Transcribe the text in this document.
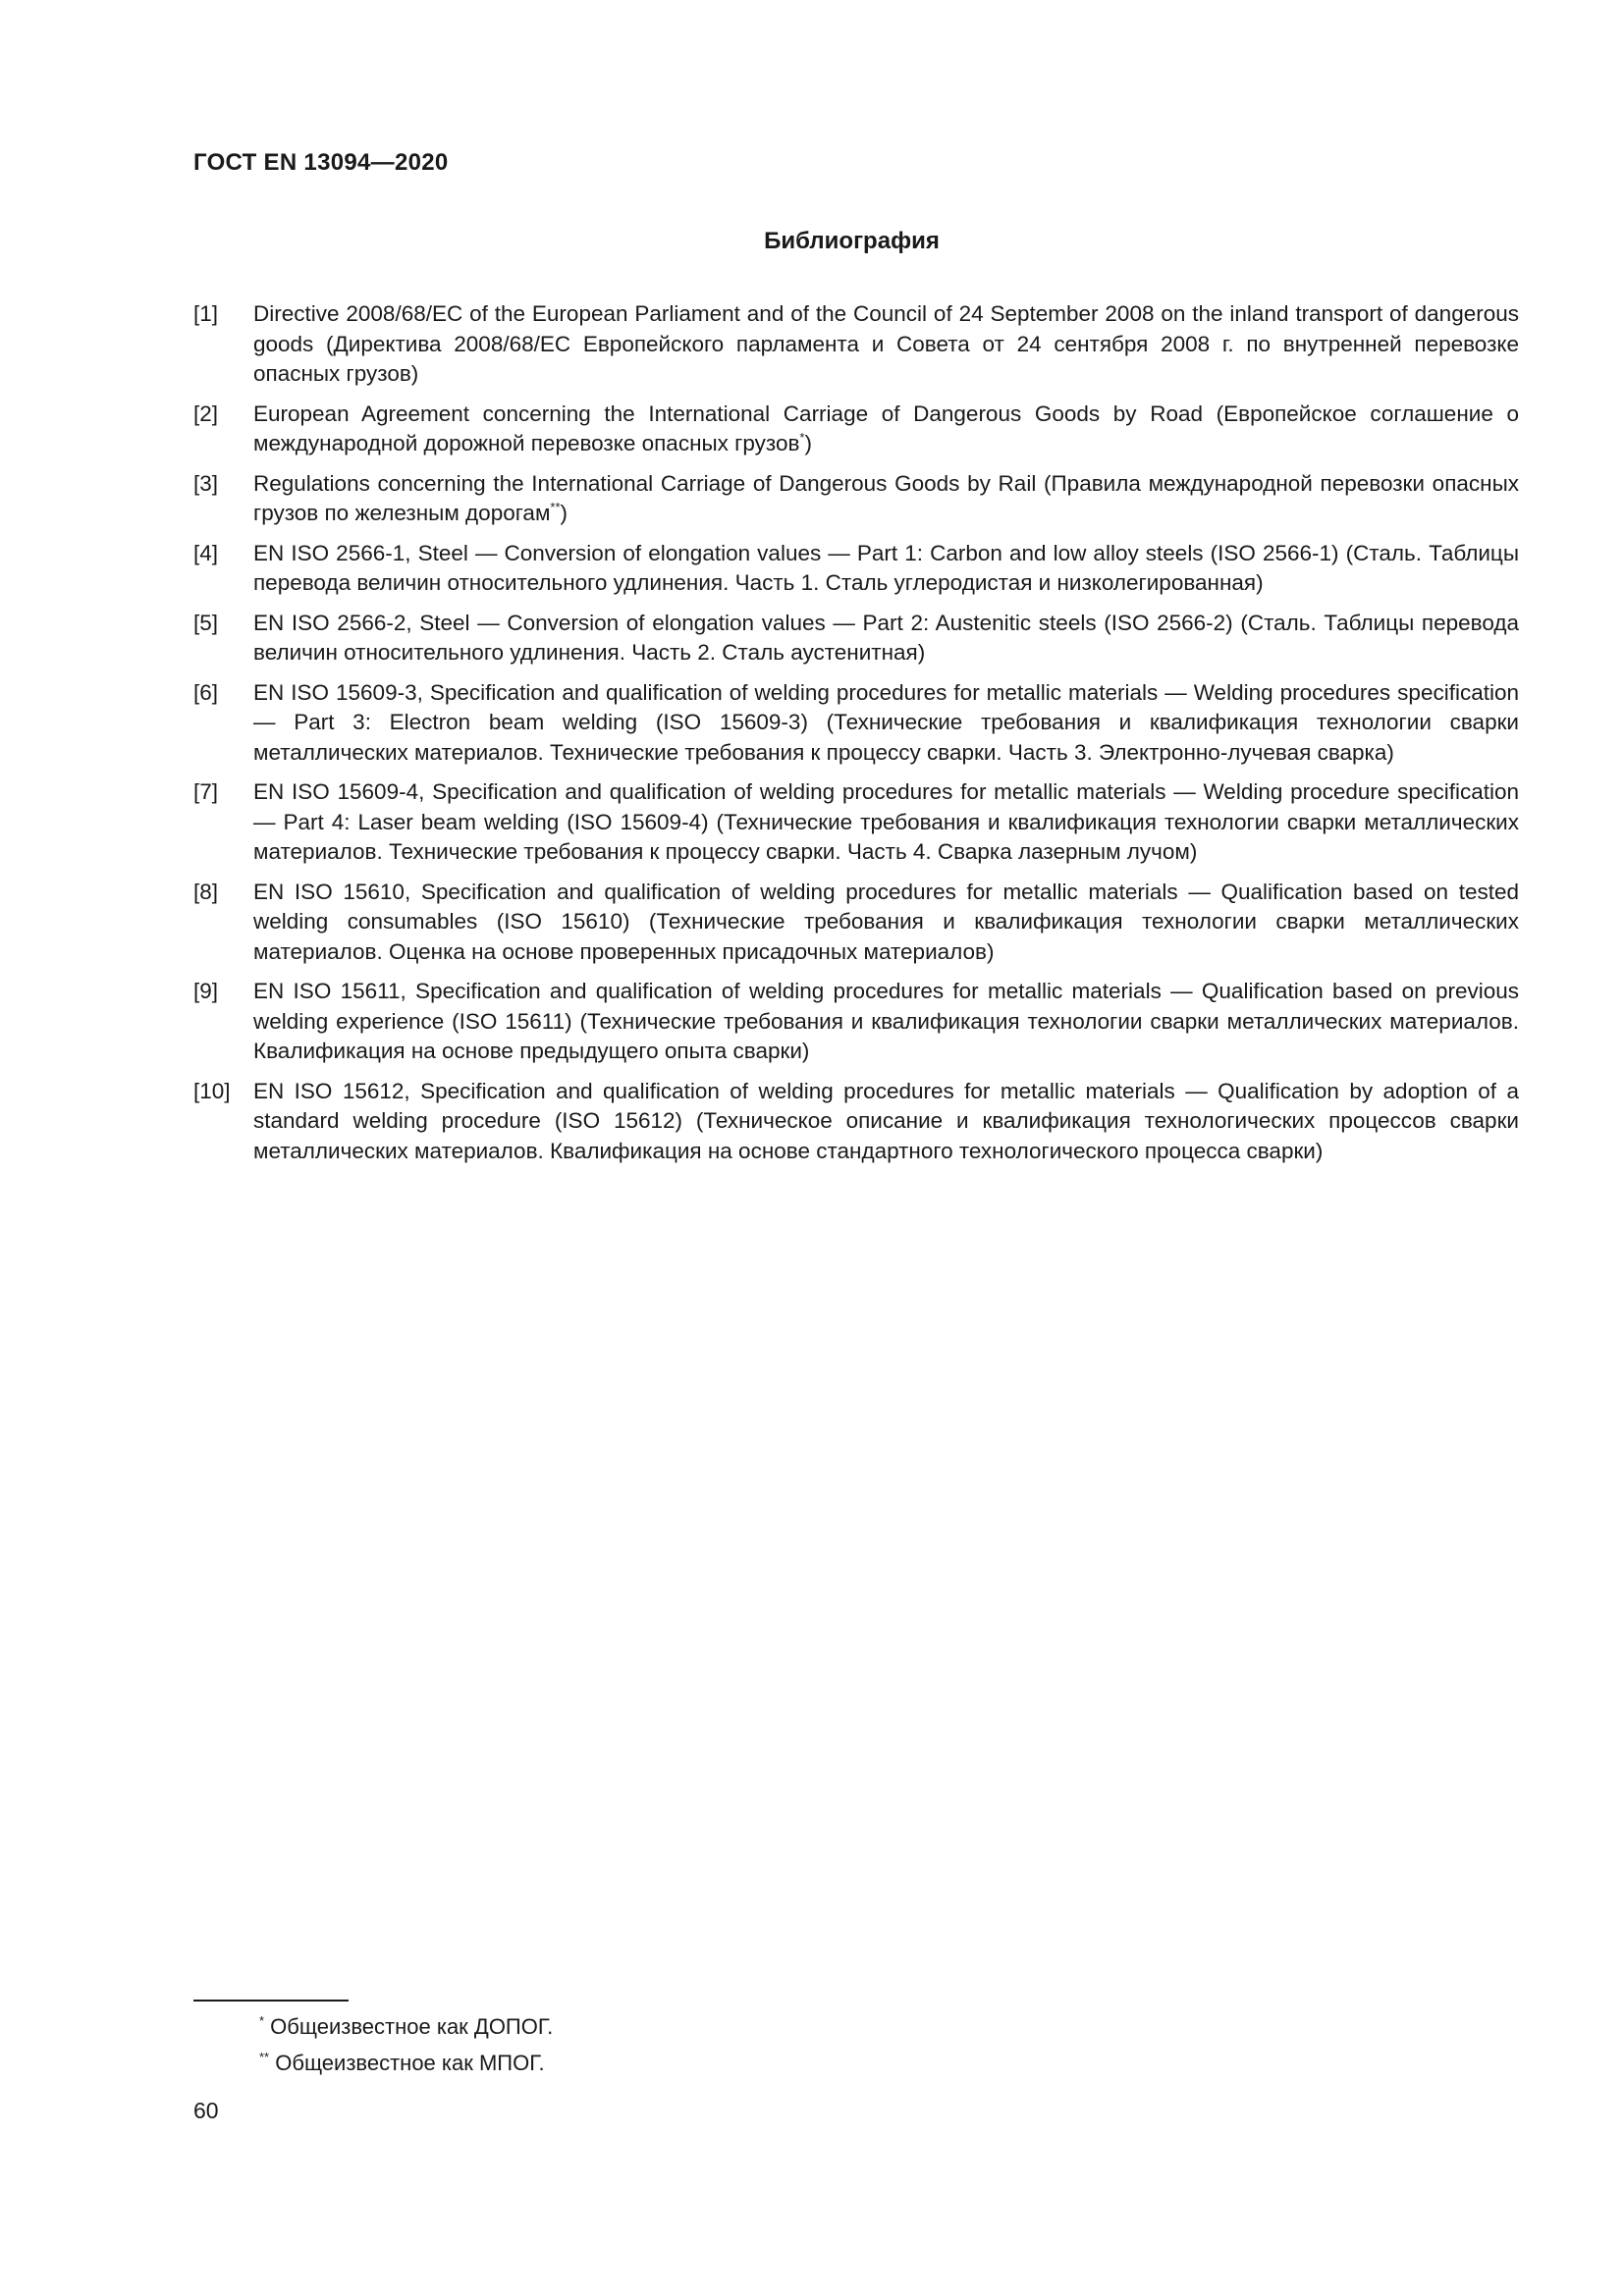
ГОСТ EN 13094—2020
Библиография
[1] Directive 2008/68/EC of the European Parliament and of the Council of 24 September 2008 on the inland transport of dangerous goods (Директива 2008/68/ЕС Европейского парламента и Совета от 24 сентября 2008 г. по внутренней перевозке опасных грузов)
[2] European Agreement concerning the International Carriage of Dangerous Goods by Road (Европейское соглашение о международной дорожной перевозке опасных грузов*)
[3] Regulations concerning the International Carriage of Dangerous Goods by Rail (Правила международной перевозки опасных грузов по железным дорогам**)
[4] EN ISO 2566-1, Steel — Conversion of elongation values — Part 1: Carbon and low alloy steels (ISO 2566-1) (Сталь. Таблицы перевода величин относительного удлинения. Часть 1. Сталь углеродистая и низколегированная)
[5] EN ISO 2566-2, Steel — Conversion of elongation values — Part 2: Austenitic steels (ISO 2566-2) (Сталь. Таблицы перевода величин относительного удлинения. Часть 2. Сталь аустенитная)
[6] EN ISO 15609-3, Specification and qualification of welding procedures for metallic materials — Welding procedures specification — Part 3: Electron beam welding (ISO 15609-3) (Технические требования и квалификация технологии сварки металлических материалов. Технические требования к процессу сварки. Часть 3. Электронно-лучевая сварка)
[7] EN ISO 15609-4, Specification and qualification of welding procedures for metallic materials — Welding procedure specification — Part 4: Laser beam welding (ISO 15609-4) (Технические требования и квалификация технологии сварки металлических материалов. Технические требования к процессу сварки. Часть 4. Сварка лазерным лучом)
[8] EN ISO 15610, Specification and qualification of welding procedures for metallic materials — Qualification based on tested welding consumables (ISO 15610) (Технические требования и квалификация технологии сварки металлических материалов. Оценка на основе проверенных присадочных материалов)
[9] EN ISO 15611, Specification and qualification of welding procedures for metallic materials — Qualification based on previous welding experience (ISO 15611) (Технические требования и квалификация технологии сварки металлических материалов. Квалификация на основе предыдущего опыта сварки)
[10] EN ISO 15612, Specification and qualification of welding procedures for metallic materials — Qualification by adoption of a standard welding procedure (ISO 15612) (Техническое описание и квалификация технологических процессов сварки металлических материалов. Квалификация на основе стандартного технологического процесса сварки)
* Общеизвестное как ДОПОГ.
** Общеизвестное как МПОГ.
60
